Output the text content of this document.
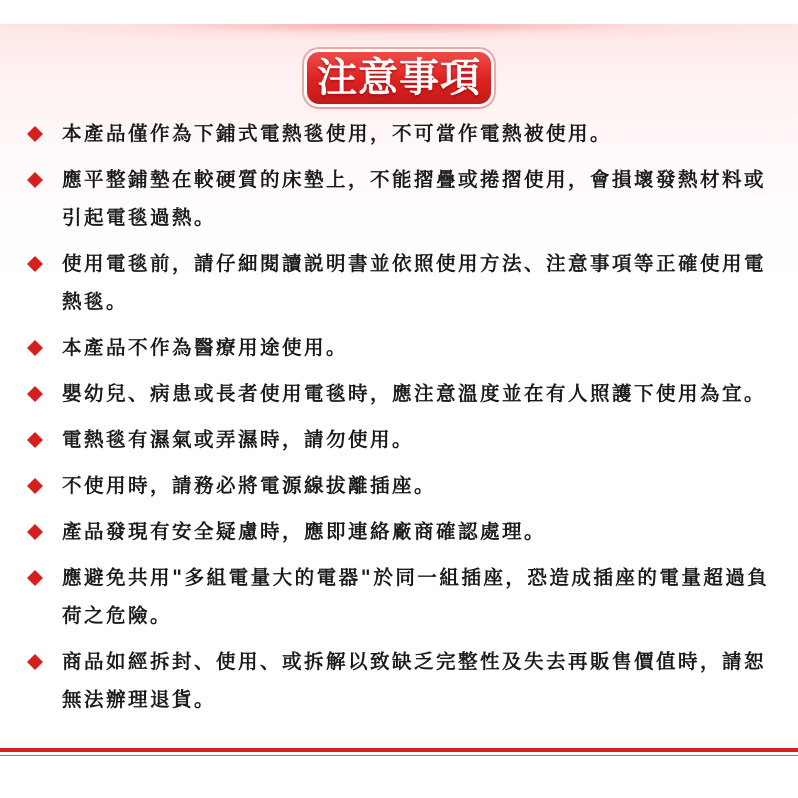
注意事項
本產品僅作為下鋪式電熱毯使用，不可當作電熱被使用。
應平整鋪墊在較硬質的床墊上，不能摺疊或捲摺使用，會損壞發熱材料或引起電毯過熱。
使用電毯前，請仔細閱讀説明書並依照使用方法、注意事項等正確使用電熱毯。
本產品不作為醫療用途使用。
嬰幼兒、病患或長者使用電毯時，應注意溫度並在有人照護下使用為宜。
電熱毯有濕氣或弄濕時，請勿使用。
不使用時，請務必將電源線拔離插座。
產品發現有安全疑慮時，應即連絡廠商確認處理。
應避免共用"多組電量大的電器"於同一組插座，恐造成插座的電量超過負荷之危險。
商品如經拆封、使用、或拆解以致缺乏完整性及失去再販售價值時，請恕無法辦理退貨。
